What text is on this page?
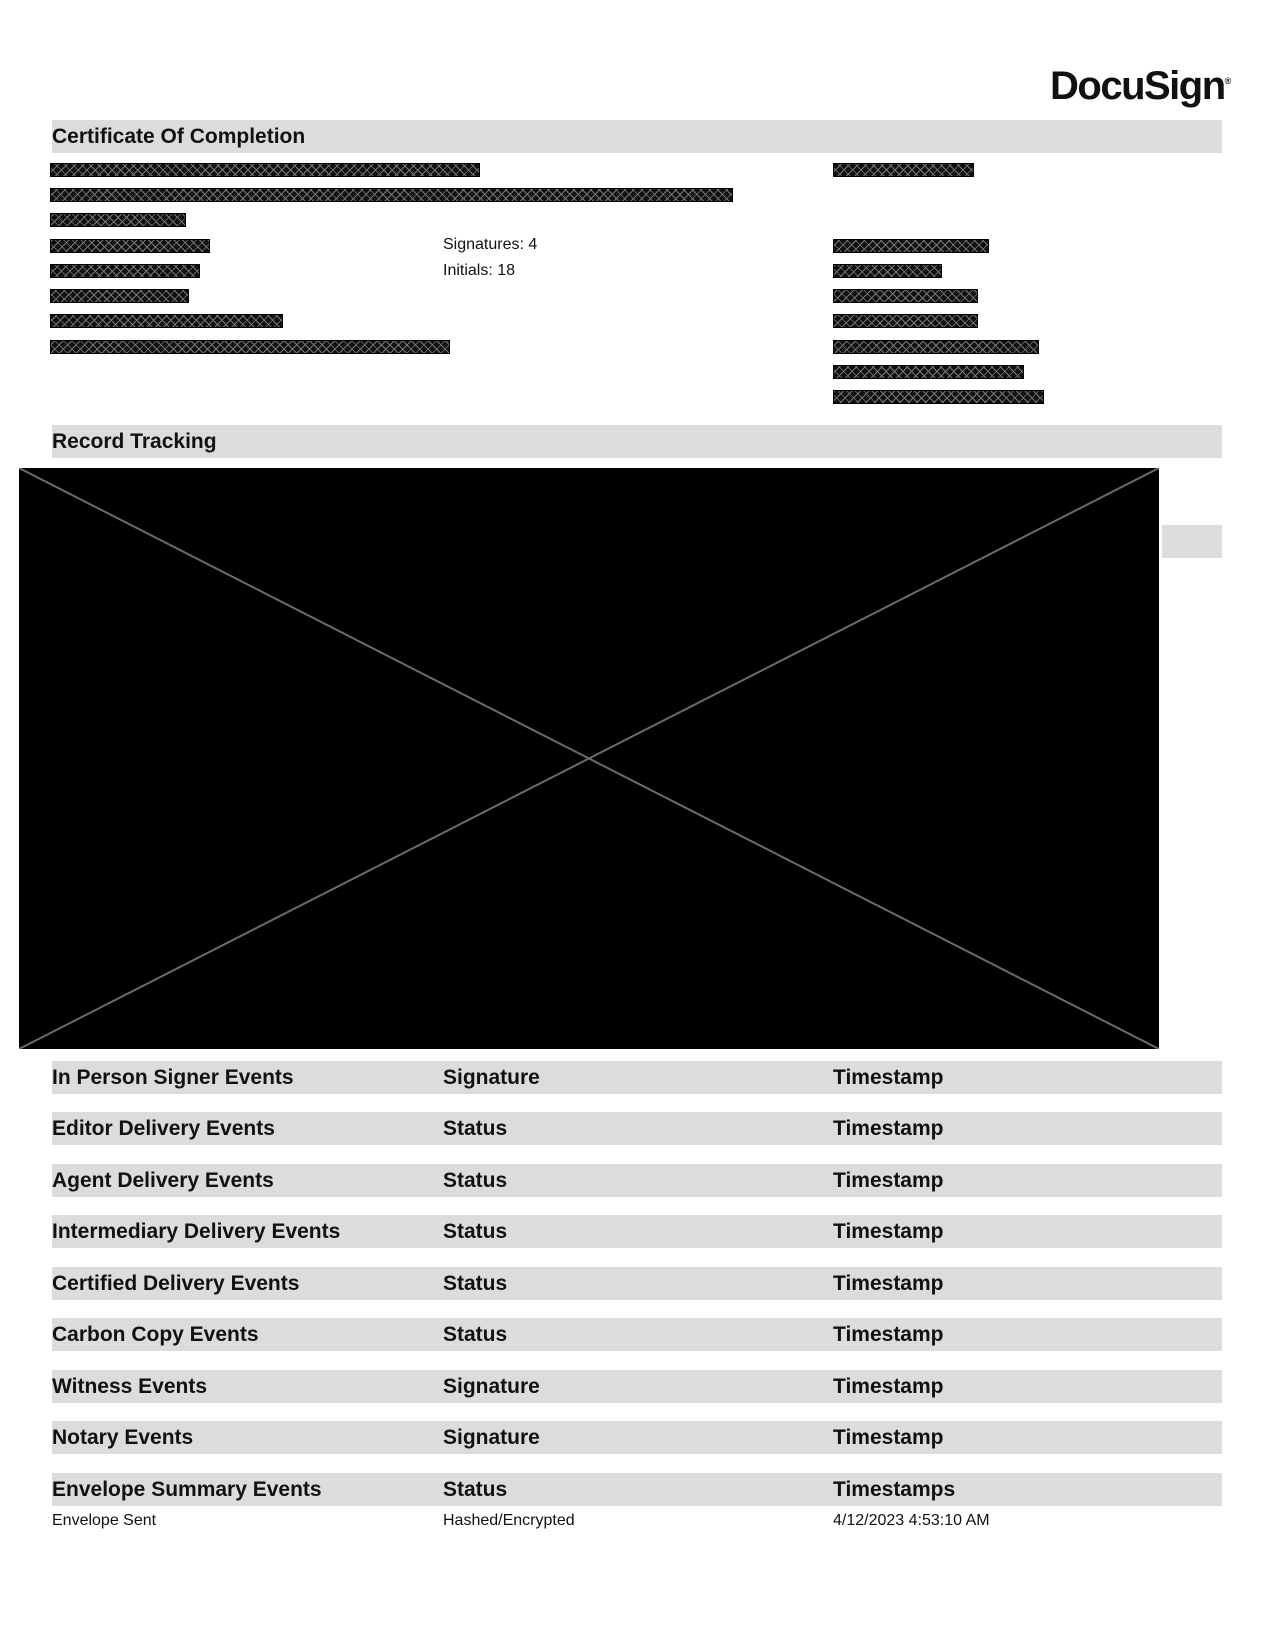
DocuSign®
Certificate Of Completion
Signatures: 4
Initials: 18
Record Tracking
In Person Signer Events	Signature	Timestamp
Editor Delivery Events	Status	Timestamp
Agent Delivery Events	Status	Timestamp
Intermediary Delivery Events	Status	Timestamp
Certified Delivery Events	Status	Timestamp
Carbon Copy Events	Status	Timestamp
Witness Events	Signature	Timestamp
Notary Events	Signature	Timestamp
Envelope Summary Events	Status	Timestamps
Envelope Sent	Hashed/Encrypted	4/12/2023 4:53:10 AM
